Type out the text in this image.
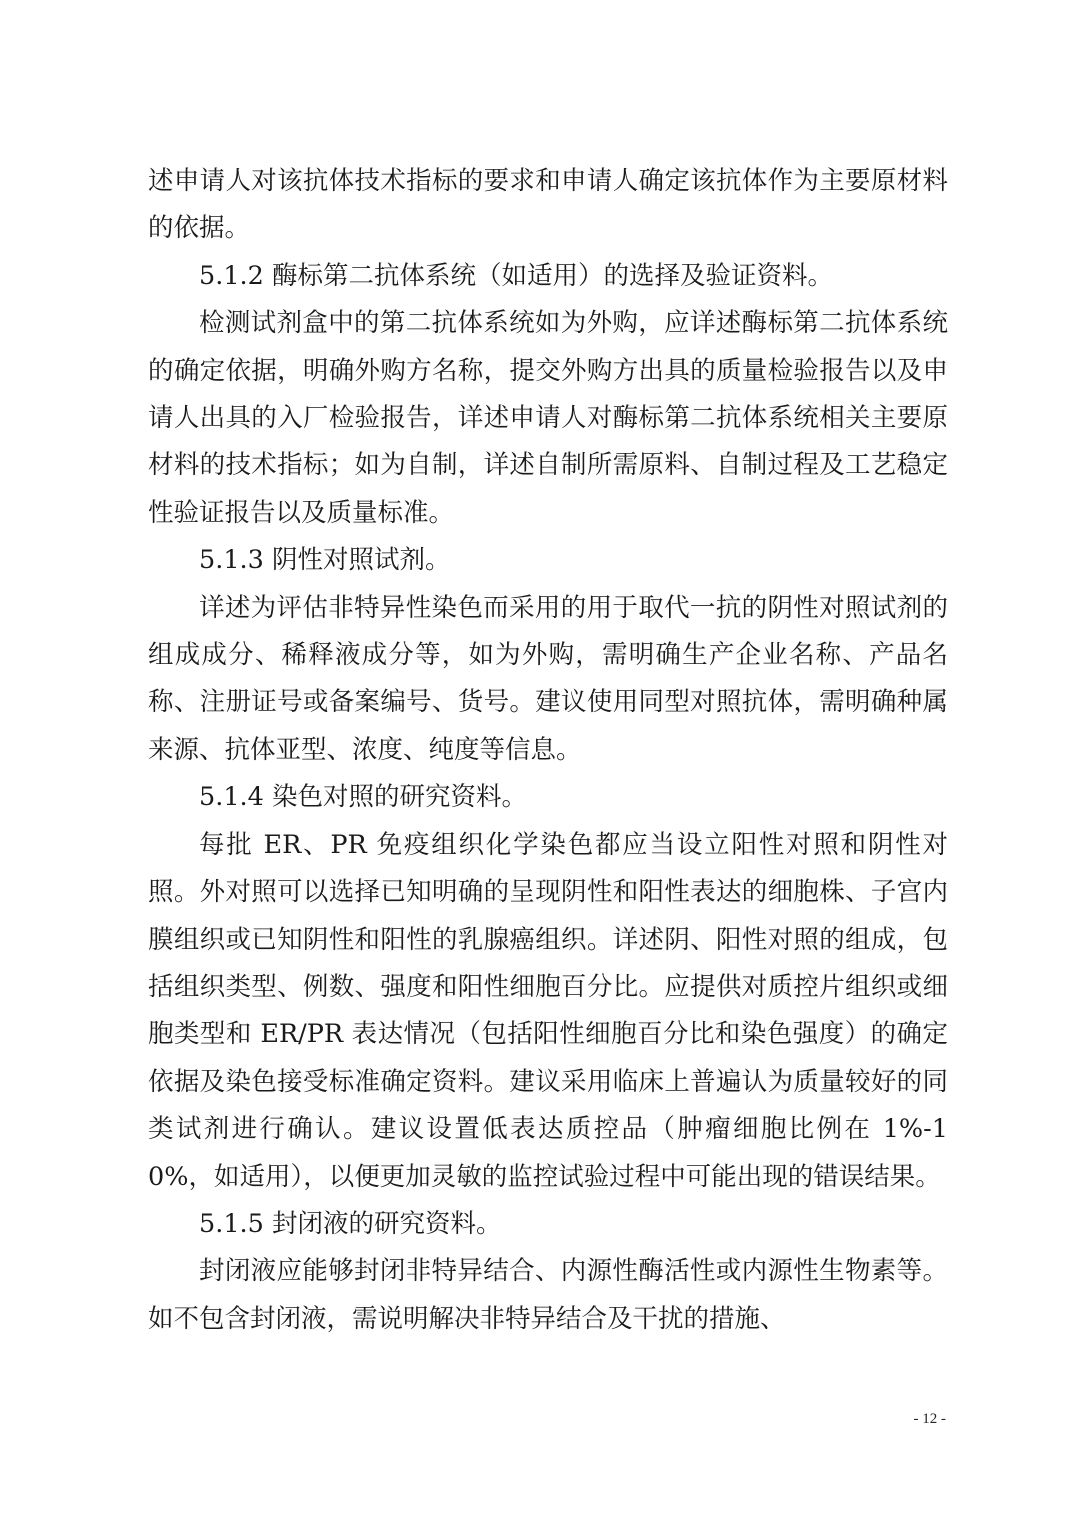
述申请人对该抗体技术指标的要求和申请人确定该抗体作为主要原材料的依据。

5.1.2 酶标第二抗体系统（如适用）的选择及验证资料。

检测试剂盒中的第二抗体系统如为外购，应详述酶标第二抗体系统的确定依据，明确外购方名称，提交外购方出具的质量检验报告以及申请人出具的入厂检验报告，详述申请人对酶标第二抗体系统相关主要原材料的技术指标；如为自制，详述自制所需原料、自制过程及工艺稳定性验证报告以及质量标准。

5.1.3 阴性对照试剂。

详述为评估非特异性染色而采用的用于取代一抗的阴性对照试剂的组成成分、稀释液成分等，如为外购，需明确生产企业名称、产品名称、注册证号或备案编号、货号。建议使用同型对照抗体，需明确种属来源、抗体亚型、浓度、纯度等信息。

5.1.4 染色对照的研究资料。

每批 ER、PR 免疫组织化学染色都应当设立阳性对照和阴性对照。外对照可以选择已知明确的呈现阴性和阳性表达的细胞株、子宫内膜组织或已知阴性和阳性的乳腺癌组织。详述阴、阳性对照的组成，包括组织类型、例数、强度和阳性细胞百分比。应提供对质控片组织或细胞类型和 ER/PR 表达情况（包括阳性细胞百分比和染色强度）的确定依据及染色接受标准确定资料。建议采用临床上普遍认为质量较好的同类试剂进行确认。建议设置低表达质控品（肿瘤细胞比例在 1%-10%，如适用），以便更加灵敏的监控试验过程中可能出现的错误结果。

5.1.5 封闭液的研究资料。

封闭液应能够封闭非特异结合、内源性酶活性或内源性生物素等。如不包含封闭液，需说明解决非特异结合及干扰的措施、

- 12 -
